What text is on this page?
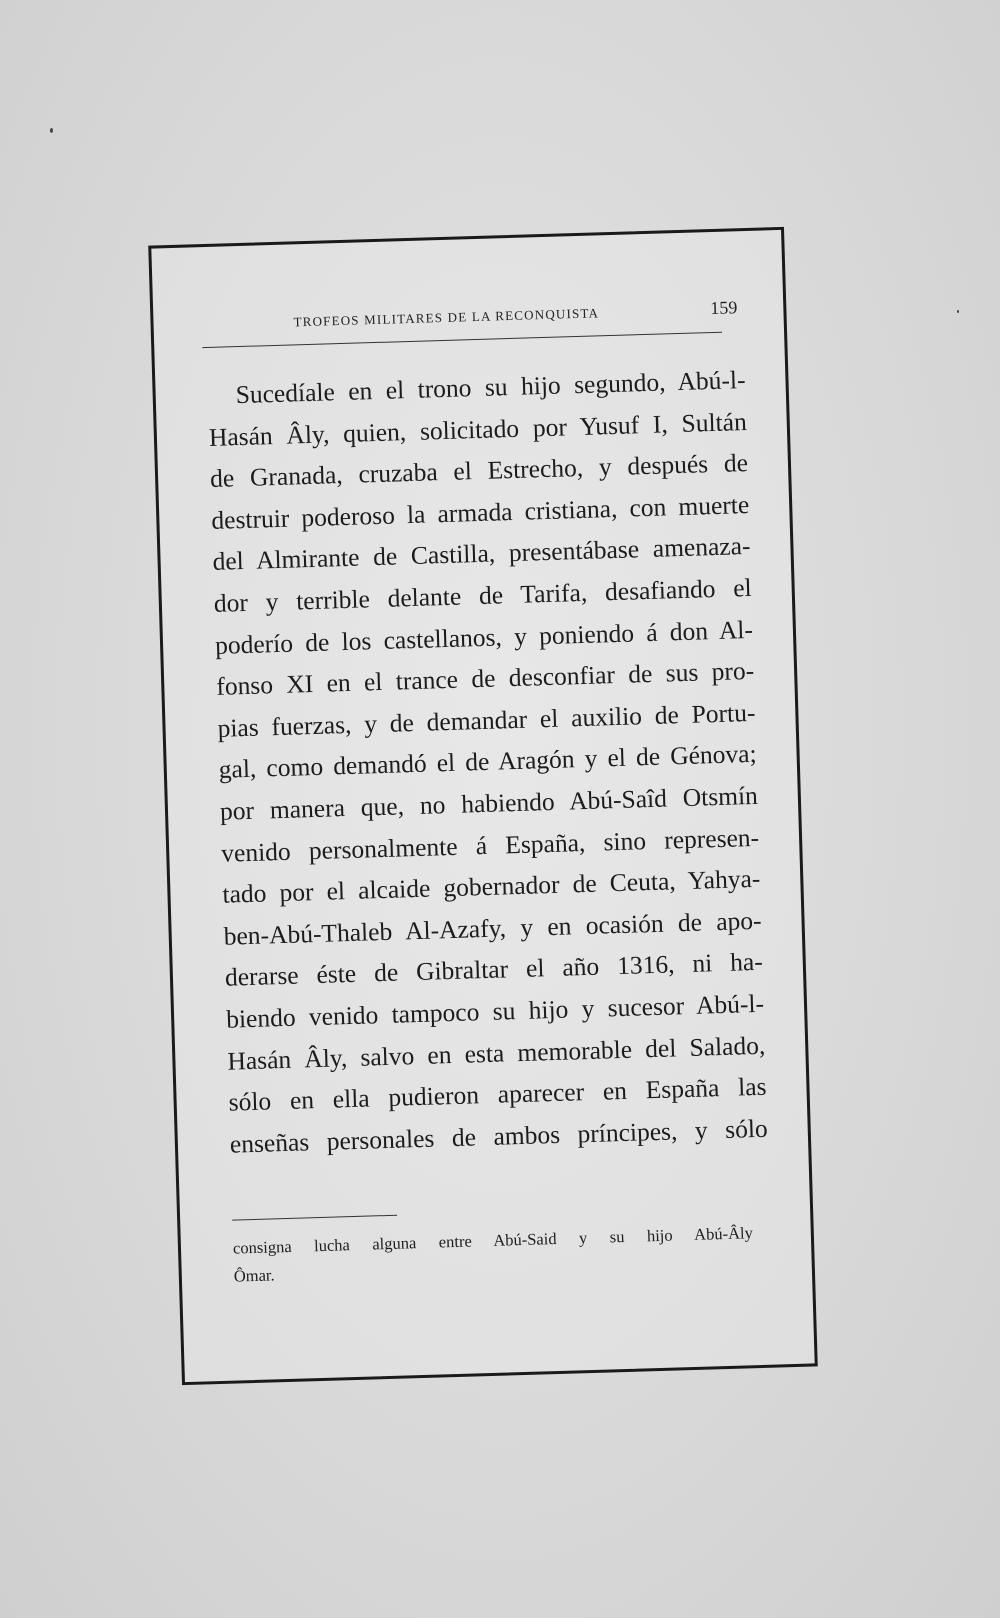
TROFEOS MILITARES DE LA RECONQUISTA	159
Sucedíale en el trono su hijo segundo, Abú-l-
Hasán Âly, quien, solicitado por Yusuf I, Sultán
de Granada, cruzaba el Estrecho, y después de
destruir poderoso la armada cristiana, con muerte
del Almirante de Castilla, presentábase amenaza-
dor y terrible delante de Tarifa, desafiando el
poderío de los castellanos, y poniendo á don Al-
fonso XI en el trance de desconfiar de sus pro-
pias fuerzas, y de demandar el auxilio de Portu-
gal, como demandó el de Aragón y el de Génova;
por manera que, no habiendo Abú-Saîd Otsmín
venido personalmente á España, sino represen-
tado por el alcaide gobernador de Ceuta, Yahya-
ben-Abú-Thaleb Al-Azafy, y en ocasión de apo-
derarse éste de Gibraltar el año 1316, ni ha-
biendo venido tampoco su hijo y sucesor Abú-l-
Hasán Âly, salvo en esta memorable del Salado,
sólo en ella pudieron aparecer en España las
enseñas personales de ambos príncipes, y sólo
consigna lucha alguna entre Abú-Said y su hijo Abú-Âly
Ômar.
